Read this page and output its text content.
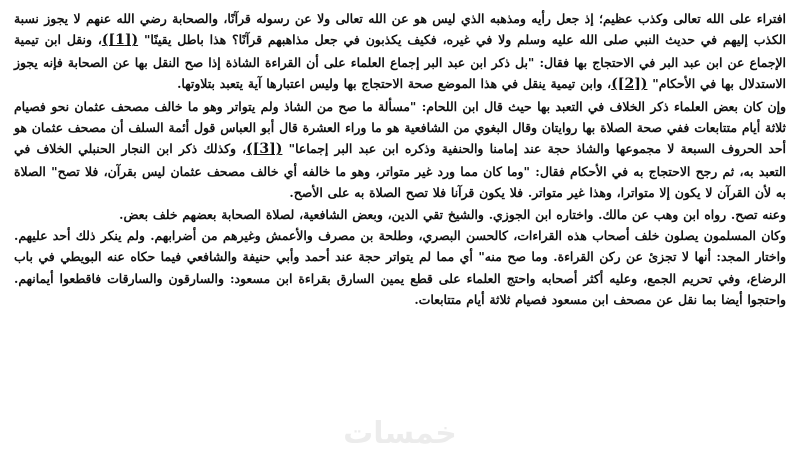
افتراء على الله تعالى وكذب عظيم؛ إذ جعل رأيه ومذهبه الذي ليس هو عن الله تعالى ولا عن رسوله قرآنًا، والصحابة رضي الله عنهم لا يجوز نسبة الكذب إليهم في حديث النبي صلى الله عليه وسلم ولا في غيره، فكيف يكذبون في جعل مذاهبهم قرآنًا؟ هذا باطل يقينًا" ([1])، ونقل ابن تيمية الإجماع عن ابن عبد البر في الاحتجاج بها فقال: "بل ذكر ابن عبد البر إجماع العلماء على أن القراءة الشاذة إذا صح النقل بها عن الصحابة فإنه يجوز الاستدلال بها في الأحكام" ([2])، وابن تيمية ينقل في هذا الموضع صحة الاحتجاج بها وليس اعتبارها آية يتعبد بتلاوتها.

وإن كان بعض العلماء ذكر الخلاف في التعبد بها حيث قال ابن اللحام: "مسألة ما صح من الشاذ ولم يتواتر وهو ما خالف مصحف عثمان نحو فصيام ثلاثة أيام متتابعات ففي صحة الصلاة بها روايتان وقال البغوي من الشافعية هو ما وراء العشرة قال أبو العباس قول أئمة السلف أن مصحف عثمان هو أحد الحروف السبعة لا مجموعها والشاذ حجة عند إمامنا والحنفية وذكره ابن عبد البر إجماعا" ([3])، وكذلك ذكر ابن النجار الحنبلي الخلاف في التعبد به، ثم رجح الاحتجاج به في الأحكام فقال: "وما كان مما ورد غير متواتر، وهو ما خالفه أي خالف مصحف عثمان ليس بقرآن، فلا تصح" الصلاة به لأن القرآن لا يكون إلا متواترا، وهذا غير متواتر. فلا يكون قرآنا فلا تصح الصلاة به على الأصح.

وعنه تصح. رواه ابن وهب عن مالك. واختاره ابن الجوزي. والشيخ تقي الدين، وبعض الشافعية، لصلاة الصحابة بعضهم خلف بعض.

وكان المسلمون يصلون خلف أصحاب هذه القراءات، كالحسن البصري، وطلحة بن مصرف والأعمش وغيرهم من أضرابهم. ولم ينكر ذلك أحد عليهم. واختار المجد: أنها لا تجزئ عن ركن القراءة. وما صح منه" أي مما لم يتواتر حجة عند أحمد وأبي حنيفة والشافعي فيما حكاه عنه البويطي في باب الرضاع، وفي تحريم الجمع، وعليه أكثر أصحابه واحتج العلماء على قطع يمين السارق بقراءة ابن مسعود: والسارقون والسارقات فاقطعوا أيمانهم. واحتجوا أيضا بما نقل عن مصحف ابن مسعود فصيام ثلاثة أيام متتابعات.

خمسات
